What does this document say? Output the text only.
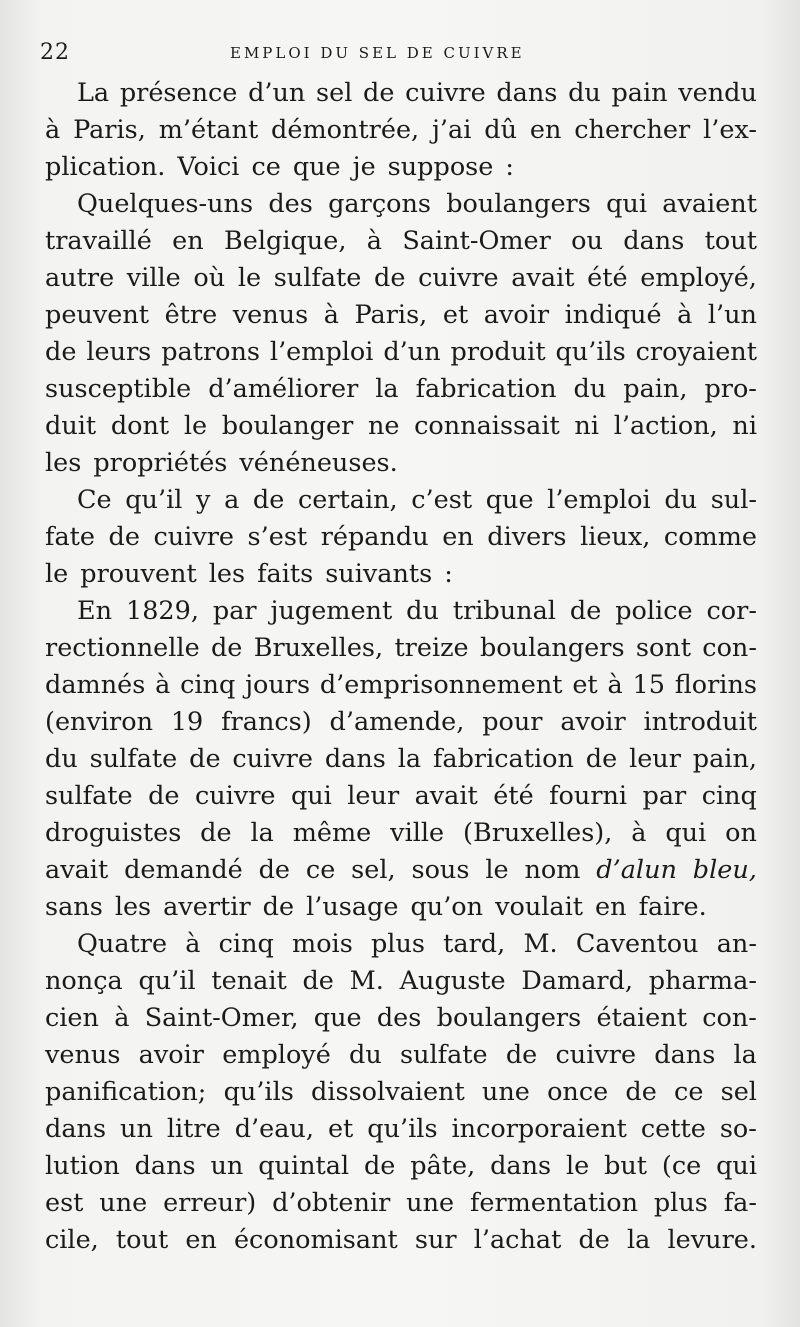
22	EMPLOI DU SEL DE CUIVRE
La présence d’un sel de cuivre dans du pain vendu
à Paris, m’étant démontrée, j’ai dû en chercher l’ex-
plication. Voici ce que je suppose :
Quelques-uns des garçons boulangers qui avaient
travaillé en Belgique, à Saint-Omer ou dans tout
autre ville où le sulfate de cuivre avait été employé,
peuvent être venus à Paris, et avoir indiqué à l’un
de leurs patrons l’emploi d’un produit qu’ils croyaient
susceptible d’améliorer la fabrication du pain, pro-
duit dont le boulanger ne connaissait ni l’action, ni
les propriétés vénéneuses.
Ce qu’il y a de certain, c’est que l’emploi du sul-
fate de cuivre s’est répandu en divers lieux, comme
le prouvent les faits suivants :
En 1829, par jugement du tribunal de police cor-
rectionnelle de Bruxelles, treize boulangers sont con-
damnés à cinq jours d’emprisonnement et à 15 florins
(environ 19 francs) d’amende, pour avoir introduit
du sulfate de cuivre dans la fabrication de leur pain,
sulfate de cuivre qui leur avait été fourni par cinq
droguistes de la même ville (Bruxelles), à qui on
avait demandé de ce sel, sous le nom d’alun bleu,
sans les avertir de l’usage qu’on voulait en faire.
Quatre à cinq mois plus tard, M. Caventou an-
nonça qu’il tenait de M. Auguste Damard, pharma-
cien à Saint-Omer, que des boulangers étaient con-
venus avoir employé du sulfate de cuivre dans la
panification; qu’ils dissolvaient une once de ce sel
dans un litre d’eau, et qu’ils incorporaient cette so-
lution dans un quintal de pâte, dans le but (ce qui
est une erreur) d’obtenir une fermentation plus fa-
cile, tout en économisant sur l’achat de la levure.
